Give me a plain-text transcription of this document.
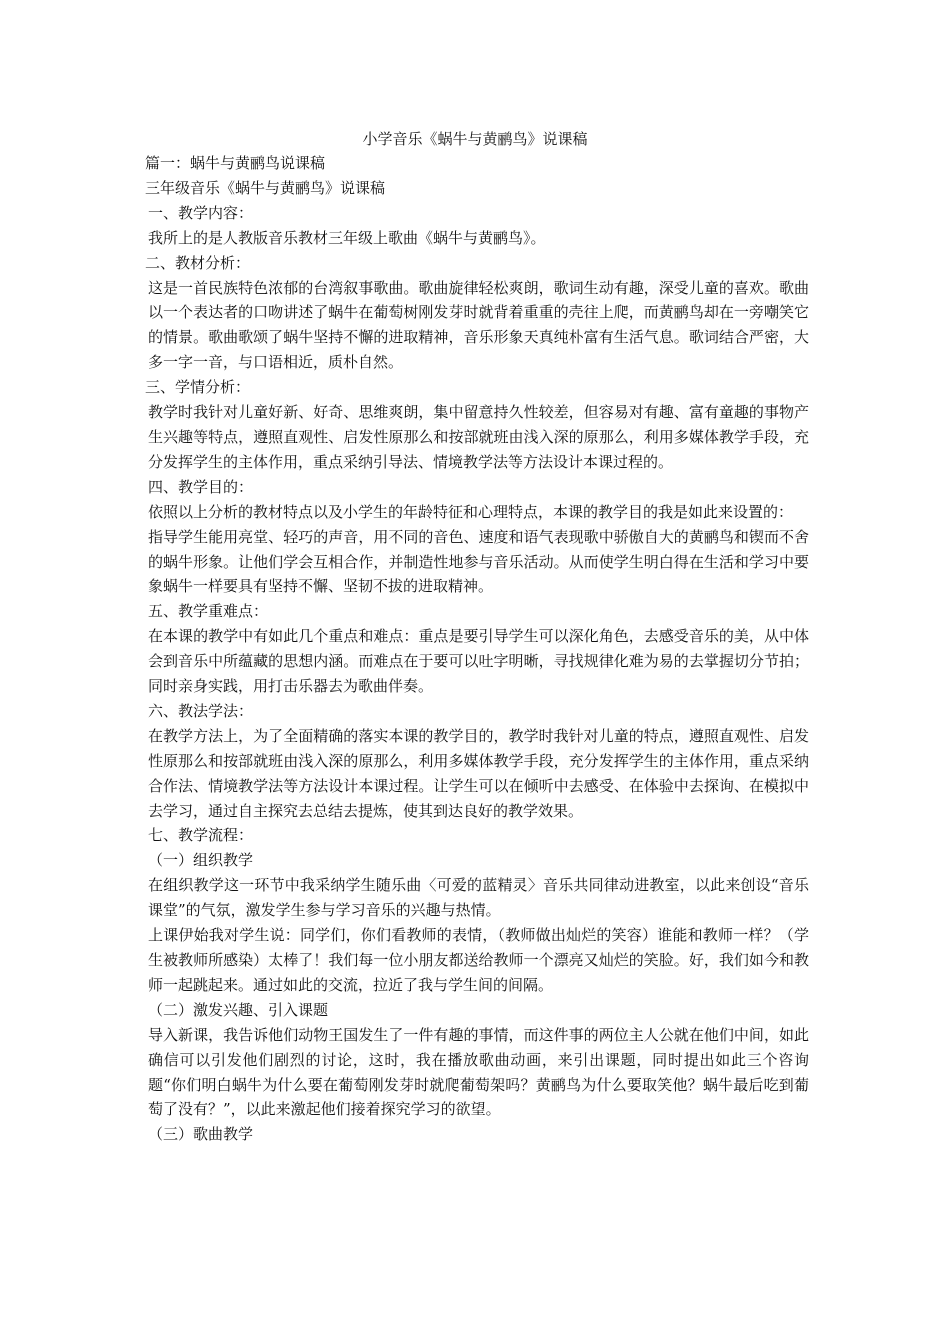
小学音乐《蜗牛与黄鹂鸟》说课稿

篇一：蜗牛与黄鹂鸟说课稿

三年级音乐《蜗牛与黄鹂鸟》说课稿

一、教学内容：

我所上的是人教版音乐教材三年级上歌曲《蜗牛与黄鹂鸟》。

二、教材分析：

这是一首民族特色浓郁的台湾叙事歌曲。歌曲旋律轻松爽朗，歌词生动有趣，深受儿童的喜欢。歌曲以一个表达者的口吻讲述了蜗牛在葡萄树刚发芽时就背着重重的壳往上爬，而黄鹂鸟却在一旁嘲笑它的情景。歌曲歌颂了蜗牛坚持不懈的进取精神，音乐形象天真纯朴富有生活气息。歌词结合严密，大多一字一音，与口语相近，质朴自然。

三、学情分析：

教学时我针对儿童好新、好奇、思维爽朗，集中留意持久性较差，但容易对有趣、富有童趣的事物产生兴趣等特点，遵照直观性、启发性原那么和按部就班由浅入深的原那么，利用多媒体教学手段，充分发挥学生的主体作用，重点采纳引导法、情境教学法等方法设计本课过程的。

四、教学目的：

依照以上分析的教材特点以及小学生的年龄特征和心理特点，本课的教学目的我是如此来设置的：

指导学生能用亮堂、轻巧的声音，用不同的音色、速度和语气表现歌中骄傲自大的黄鹂鸟和锲而不舍的蜗牛形象。让他们学会互相合作，并制造性地参与音乐活动。从而使学生明白得在生活和学习中要象蜗牛一样要具有坚持不懈、坚韧不拔的进取精神。

五、教学重难点：

在本课的教学中有如此几个重点和难点：重点是要引导学生可以深化角色，去感受音乐的美，从中体会到音乐中所蕴藏的思想内涵。而难点在于要可以吐字明晰，寻找规律化难为易的去掌握切分节拍；同时亲身实践，用打击乐器去为歌曲伴奏。

六、教法学法：

在教学方法上，为了全面精确的落实本课的教学目的，教学时我针对儿童的特点，遵照直观性、启发性原那么和按部就班由浅入深的原那么，利用多媒体教学手段，充分发挥学生的主体作用，重点采纳合作法、情境教学法等方法设计本课过程。让学生可以在倾听中去感受、在体验中去探询、在模拟中去学习，通过自主探究去总结去提炼，使其到达良好的教学效果。

七、教学流程：

（一）组织教学

在组织教学这一环节中我采纳学生随乐曲〈可爱的蓝精灵〉音乐共同律动进教室，以此来创设“音乐课堂”的气氛，激发学生参与学习音乐的兴趣与热情。

上课伊始我对学生说：同学们，你们看教师的表情，（教师做出灿烂的笑容）谁能和教师一样？（学生被教师所感染）太棒了！我们每一位小朋友都送给教师一个漂亮又灿烂的笑脸。好，我们如今和教师一起跳起来。通过如此的交流，拉近了我与学生间的间隔。

（二）激发兴趣、引入课题

导入新课，我告诉他们动物王国发生了一件有趣的事情，而这件事的两位主人公就在他们中间，如此确信可以引发他们剧烈的讨论，这时，我在播放歌曲动画，来引出课题，同时提出如此三个咨询题“你们明白蜗牛为什么要在葡萄刚发芽时就爬葡萄架吗？黄鹂鸟为什么要取笑他？蜗牛最后吃到葡萄了没有？”，以此来激起他们接着探究学习的欲望。

（三）歌曲教学
